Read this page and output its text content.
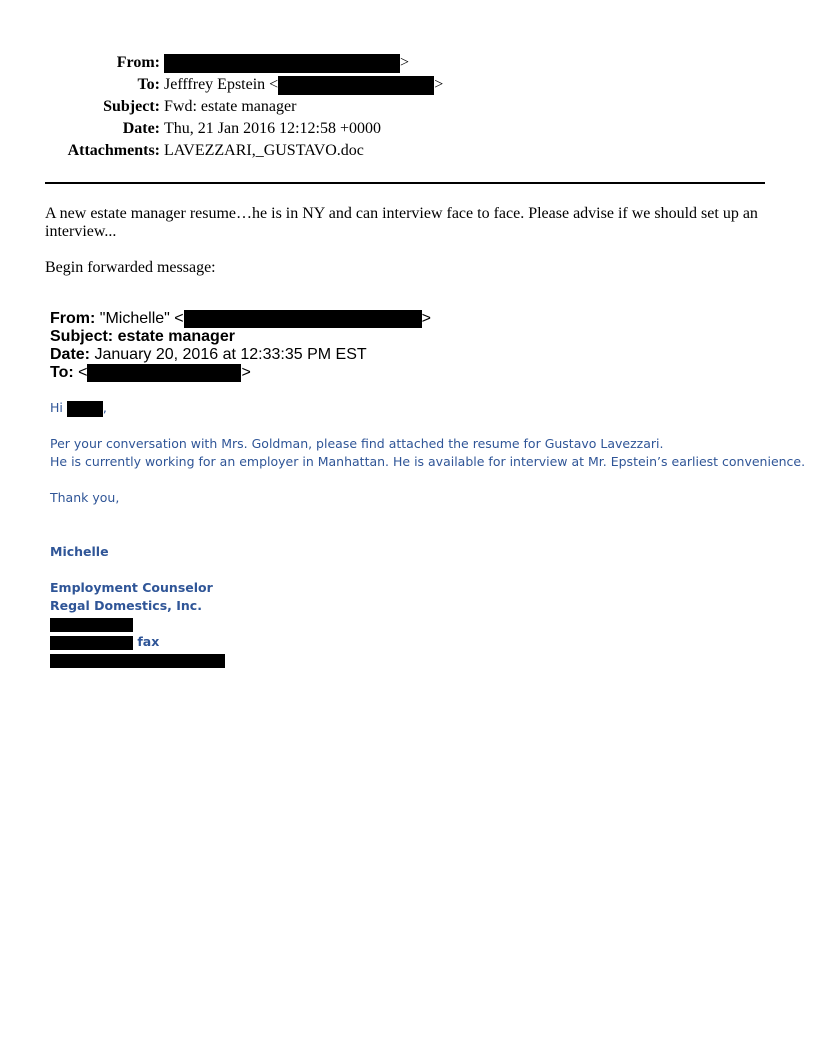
From:	>
To: Jefffrey Epstein <	>
Subject: Fwd: estate manager
Date: Thu, 21 Jan 2016 12:12:58 +0000
Attachments: LAVEZZARI,_GUSTAVO.doc
A new estate manager resume…he is in NY and can interview face to face. Please advise if we should set up an interview...
Begin forwarded message:
From: "Michelle" <	>
Subject: estate manager
Date: January 20, 2016 at 12:33:35 PM EST
To: <	>
Hi	,
Per your conversation with Mrs. Goldman, please find attached the resume for Gustavo Lavezzari.
He is currently working for an employer in Manhattan. He is available for interview at Mr. Epstein’s earliest convenience.
Thank you,
Michelle
Employment Counselor
Regal Domestics, Inc.
fax
